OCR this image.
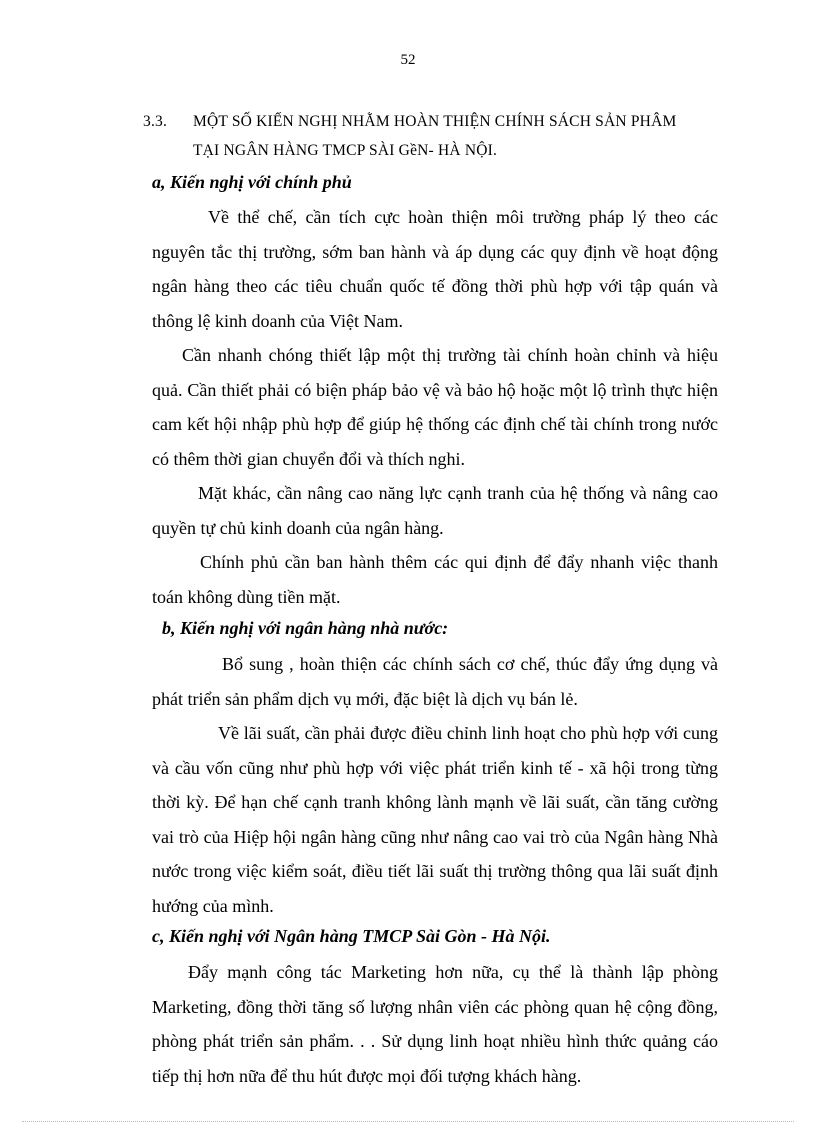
52
3.3. MỘT SỐ KIẾN NGHỊ NHẰM HOÀN THIỆN CHÍNH SÁCH SẢN PHÂM
TẠI NGÂN HÀNG TMCP SÀI GềN- HÀ NỘI.
a, Kiến nghị với chính phủ

Về thể chế, cần tích cực hoàn thiện môi trường pháp lý theo các nguyên tắc thị trường, sớm ban hành và áp dụng các quy định về hoạt động ngân hàng theo các tiêu chuẩn quốc tế đồng thời phù hợp với tập quán và thông lệ kinh doanh của Việt Nam.

Cần nhanh chóng thiết lập một thị trường tài chính hoàn chỉnh và hiệu quả. Cần thiết phải có biện pháp bảo vệ và bảo hộ hoặc một lộ trình thực hiện cam kết hội nhập phù hợp để giúp hệ thống các định chế tài chính trong nước có thêm thời gian chuyển đổi và thích nghi.

Mặt khác, cần nâng cao năng lực cạnh tranh của hệ thống và nâng cao quyền tự chủ kinh doanh của ngân hàng.

Chính phủ cần ban hành thêm các qui định để đẩy nhanh việc thanh toán không dùng tiền mặt.

b, Kiến nghị với ngân hàng nhà nước:

Bổ sung , hoàn thiện các chính sách cơ chế, thúc đẩy ứng dụng và phát triển sản phẩm dịch vụ mới, đặc biệt là dịch vụ bán lẻ.

Về lãi suất, cần phải được điều chỉnh linh hoạt cho phù hợp với cung và cầu vốn cũng như phù hợp với việc phát triển kinh tế - xã hội trong từng thời kỳ. Để hạn chế cạnh tranh không lành mạnh về lãi suất, cần tăng cường vai trò của Hiệp hội ngân hàng cũng như nâng cao vai trò của Ngân hàng Nhà nước trong việc kiểm soát, điều tiết lãi suất thị trường thông qua lãi suất định hướng của mình.

c, Kiến nghị với Ngân hàng TMCP Sài Gòn - Hà Nội.

Đẩy mạnh công tác Marketing hơn nữa, cụ thể là thành lập phòng Marketing, đồng thời tăng số lượng nhân viên các phòng quan hệ cộng đồng, phòng phát triển sản phẩm. . . Sử dụng linh hoạt nhiều hình thức quảng cáo tiếp thị hơn nữa để thu hút được mọi đối tượng khách hàng.
